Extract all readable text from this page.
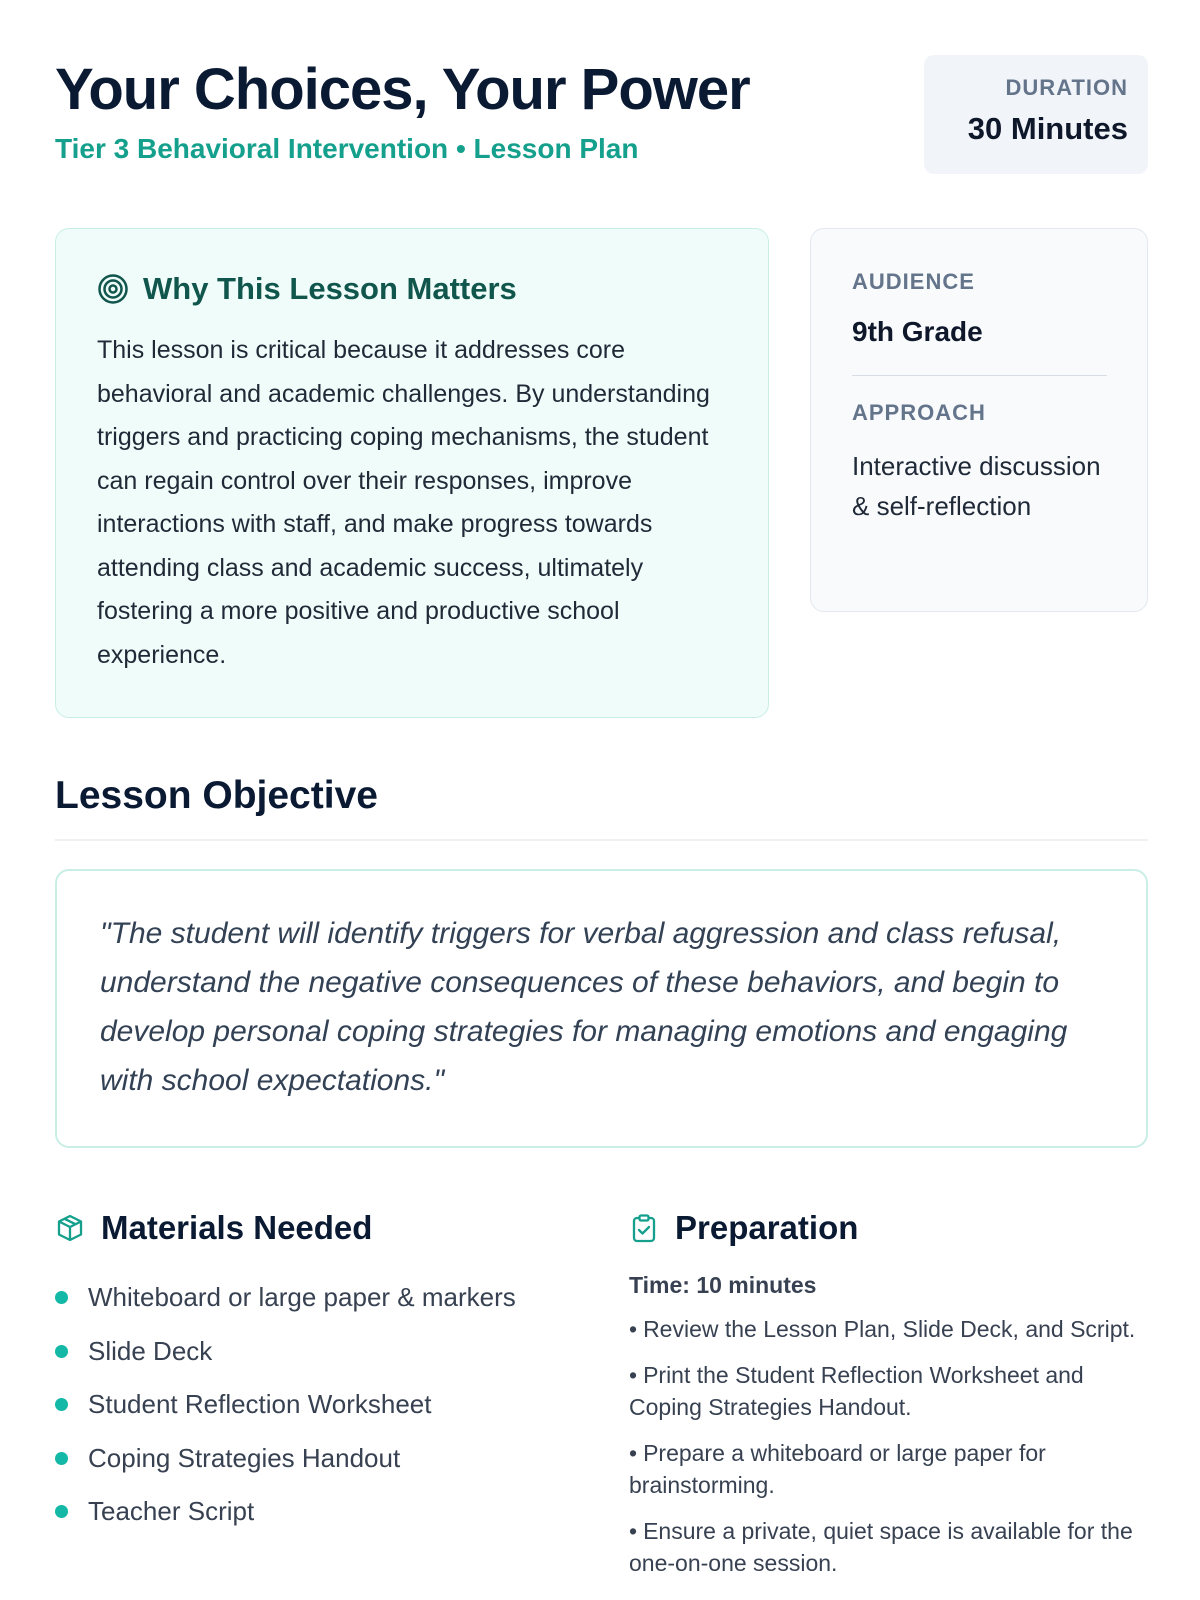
Your Choices, Your Power
Tier 3 Behavioral Intervention • Lesson Plan
DURATION
30 Minutes
Why This Lesson Matters

This lesson is critical because it addresses core behavioral and academic challenges. By understanding triggers and practicing coping mechanisms, the student can regain control over their responses, improve interactions with staff, and make progress towards attending class and academic success, ultimately fostering a more positive and productive school experience.

AUDIENCE
9th Grade
APPROACH
Interactive discussion & self-reflection
Lesson Objective

"The student will identify triggers for verbal aggression and class refusal, understand the negative consequences of these behaviors, and begin to develop personal coping strategies for managing emotions and engaging with school expectations."

Materials Needed
Whiteboard or large paper & markers
Slide Deck
Student Reflection Worksheet
Coping Strategies Handout
Teacher Script
Preparation
Time: 10 minutes
• Review the Lesson Plan, Slide Deck, and Script.
• Print the Student Reflection Worksheet and Coping Strategies Handout.
• Prepare a whiteboard or large paper for brainstorming.
• Ensure a private, quiet space is available for the one-on-one session.
